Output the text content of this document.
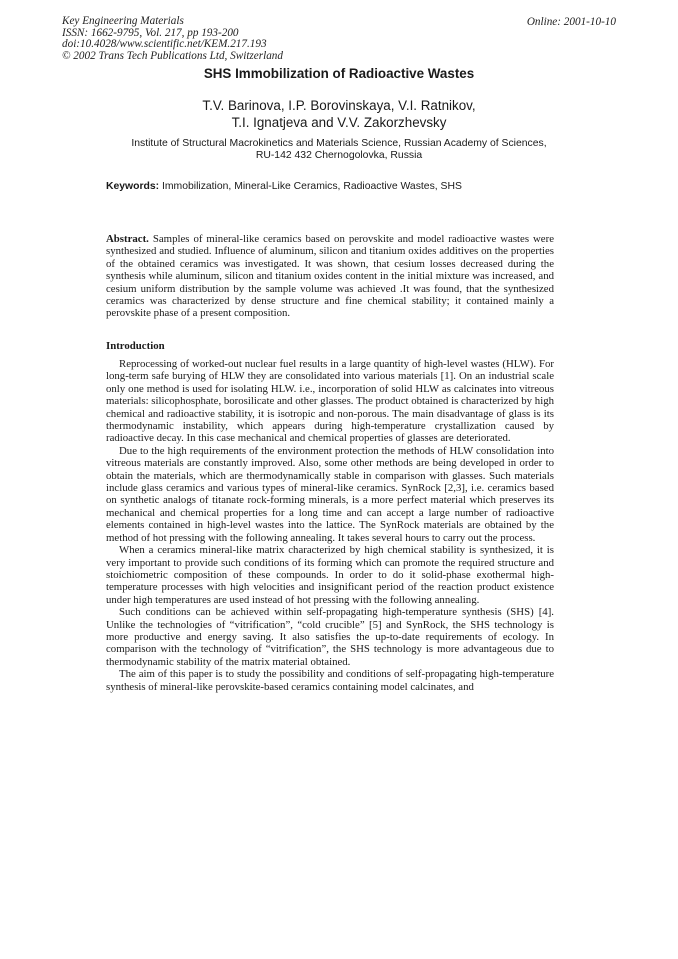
Key Engineering Materials
ISSN: 1662-9795, Vol. 217, pp 193-200
doi:10.4028/www.scientific.net/KEM.217.193
© 2002 Trans Tech Publications Ltd, Switzerland
Online: 2001-10-10
SHS Immobilization of Radioactive Wastes
T.V. Barinova, I.P. Borovinskaya, V.I. Ratnikov,
T.I. Ignatjeva and V.V. Zakorzhevsky
Institute of Structural Macrokinetics and Materials Science, Russian Academy of Sciences,
RU-142 432 Chernogolovka, Russia
Keywords: Immobilization, Mineral-Like Ceramics, Radioactive Wastes, SHS

Abstract. Samples of mineral-like ceramics based on perovskite and model radioactive wastes were synthesized and studied. Influence of aluminum, silicon and titanium oxides additives on the properties of the obtained ceramics was investigated. It was shown, that cesium losses decreased during the synthesis while aluminum, silicon and titanium oxides content in the initial mixture was increased, and cesium uniform distribution by the sample volume was achieved .It was found, that the synthesized ceramics was characterized by dense structure and fine chemical stability; it contained mainly a perovskite phase of a present composition.

Introduction

Reprocessing of worked-out nuclear fuel results in a large quantity of high-level wastes (HLW). For long-term safe burying of HLW they are consolidated into various materials [1]. On an industrial scale only one method is used for isolating HLW. i.e., incorporation of solid HLW as calcinates into vitreous materials: silicophosphate, borosilicate and other glasses. The product obtained is characterized by high chemical and radioactive stability, it is isotropic and non-porous. The main disadvantage of glass is its thermodynamic instability, which appears during high-temperature crystallization caused by radioactive decay. In this case mechanical and chemical properties of glasses are deteriorated.

Due to the high requirements of the environment protection the methods of HLW consolidation into vitreous materials are constantly improved. Also, some other methods are being developed in order to obtain the materials, which are thermodynamically stable in comparison with glasses. Such materials include glass ceramics and various types of mineral-like ceramics. SynRock [2,3], i.e. ceramics based on synthetic analogs of titanate rock-forming minerals, is a more perfect material which preserves its mechanical and chemical properties for a long time and can accept a large number of radioactive elements contained in high-level wastes into the lattice. The SynRock materials are obtained by the method of hot pressing with the following annealing. It takes several hours to carry out the process.

When a ceramics mineral-like matrix characterized by high chemical stability is synthesized, it is very important to provide such conditions of its forming which can promote the required structure and stoichiometric composition of these compounds. In order to do it solid-phase exothermal high-temperature processes with high velocities and insignificant period of the reaction product existence under high temperatures are used instead of hot pressing with the following annealing.

Such conditions can be achieved within self-propagating high-temperature synthesis (SHS) [4]. Unlike the technologies of “vitrification”, “cold crucible” [5] and SynRock, the SHS technology is more productive and energy saving. It also satisfies the up-to-date requirements of ecology. In comparison with the technology of “vitrification”, the SHS technology is more advantageous due to thermodynamic stability of the matrix material obtained.

The aim of this paper is to study the possibility and conditions of self-propagating high-temperature synthesis of mineral-like perovskite-based ceramics containing model calcinates, and
